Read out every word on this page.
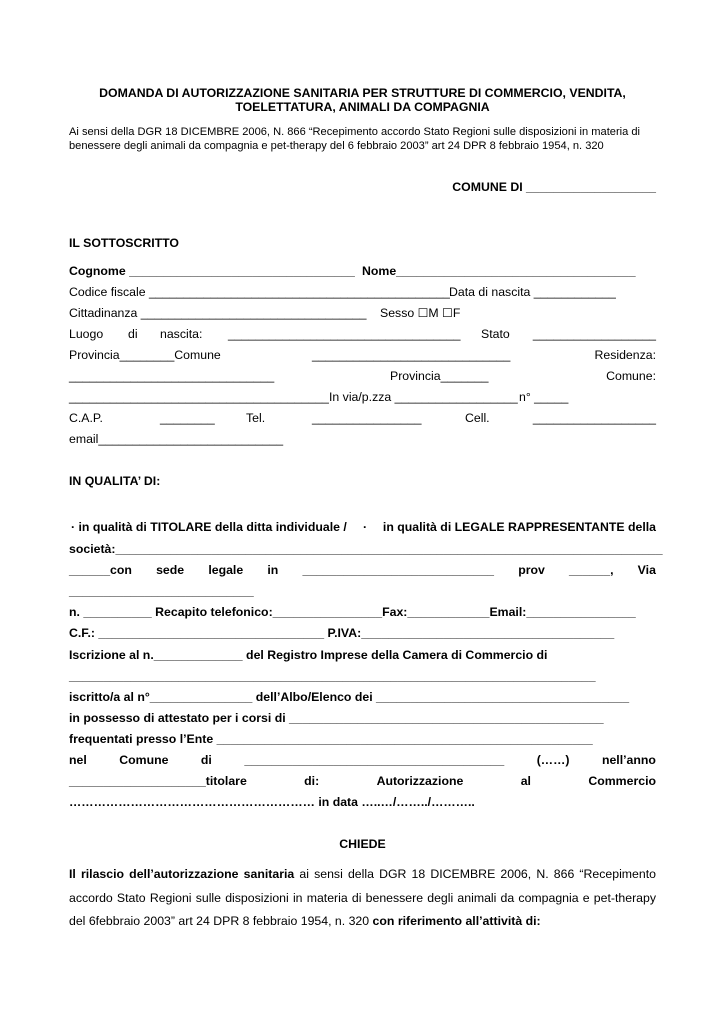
DOMANDA DI AUTORIZZAZIONE SANITARIA PER STRUTTURE DI COMMERCIO, VENDITA,
TOELETTATURA, ANIMALI DA COMPAGNIA
Ai sensi della DGR 18 DICEMBRE 2006, N. 866 “Recepimento accordo Stato Regioni sulle disposizioni in materia di
benessere degli animali da compagnia e pet-therapy del 6 febbraio 2003” art 24 DPR 8 febbraio 1954, n. 320
COMUNE DI ___________________
IL SOTTOSCRITTO
Cognome _________________________________ Nome___________________________________
Codice fiscale ____________________________________________ Data di nascita ____________
Cittadinanza _________________________________ Sesso ☐M ☐F
Luogo di nascita: __________________________________ Stato __________________
Provincia________Comune	_____________________________	Residenza:
______________________________	Provincia_______	Comune:
______________________________________ In via/p.zza __________________ n° _____
C.A.P.	________	Tel.	________________	Cell.	__________________
email___________________________
IN QUALITA’ DI:
· in qualità di TITOLARE della ditta individuale / · in qualità di LEGALE RAPPRESENTANTE della
società:________________________________________________________________________________
______con sede legale in ____________________________ prov ______, Via
___________________________
n. __________ Recapito telefonico:________________Fax:____________Email:________________
C.F.: _________________________________ P.IVA:_____________________________________
Iscrizione al n._____________ del Registro Imprese della Camera di Commercio di
_____________________________________________________________________________
iscritto/a al n°_______________ dell’Albo/Elenco dei _____________________________________
in possesso di attestato per i corsi di ______________________________________________
frequentati presso l’Ente _______________________________________________________
nel	Comune	di	______________________________________	(……)	nell’anno
____________________titolare	di:	Autorizzazione	al	Commercio
…………………………………………………… in data …..…/……../………..
CHIEDE
Il rilascio dell’autorizzazione sanitaria ai sensi della DGR 18 DICEMBRE 2006, N. 866 “Recepimento accordo Stato Regioni sulle disposizioni in materia di benessere degli animali da compagnia e pet-therapy del 6febbraio 2003” art 24 DPR 8 febbraio 1954, n. 320 con riferimento all’attività di:
